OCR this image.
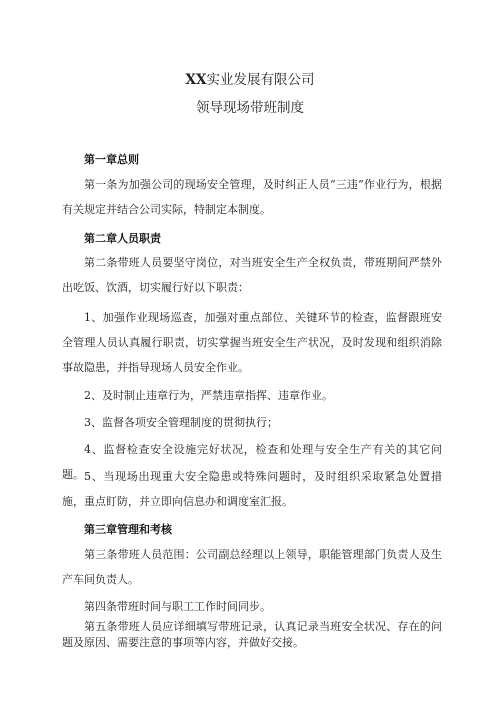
XX实业发展有限公司
领导现场带班制度
第一章总则
第一条为加强公司的现场安全管理，及时纠正人员“三违”作业行为，根据有关规定并结合公司实际，特制定本制度。
第二章人员职责
第二条带班人员要坚守岗位，对当班安全生产全权负责，带班期间严禁外出吃饭、饮酒，切实履行好以下职责：
1、加强作业现场巡查，加强对重点部位、关键环节的检查，监督跟班安全管理人员认真履行职责，切实掌握当班安全生产状况，及时发现和组织消除事故隐患，并指导现场人员安全作业。
2、及时制止违章行为，严禁违章指挥、违章作业。
3、监督各项安全管理制度的贯彻执行；
4、监督检查安全设施完好状况，检查和处理与安全生产有关的其它问题。 5、当现场出现重大安全隐患或特殊问题时，及时组织采取紧急处置措施，重点盯防，并立即向信息办和调度室汇报。
第三章管理和考核
第三条带班人员范围：公司副总经理以上领导，职能管理部门负责人及生产车间负责人。
第四条带班时间与职工工作时间同步。
第五条带班人员应详细填写带班记录，认真记录当班安全状况、存在的问题及原因、需要注意的事项等内容，并做好交接。
